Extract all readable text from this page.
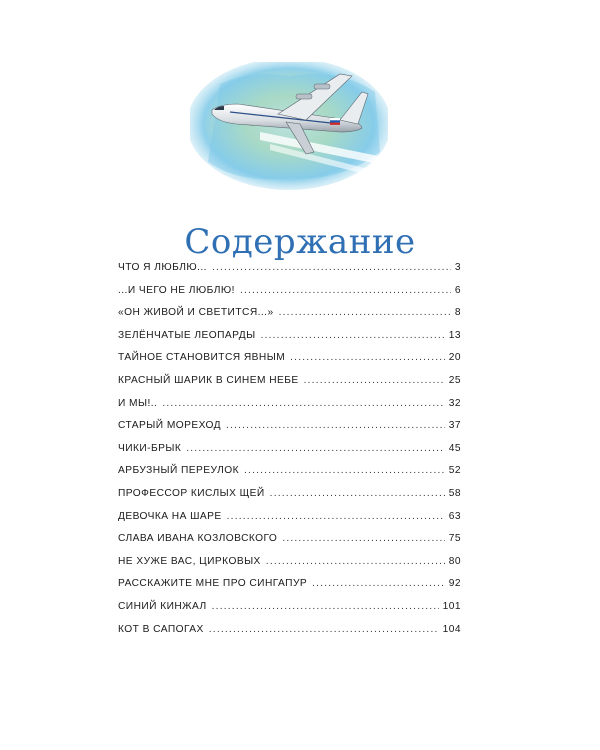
Содержание
ЧТО Я ЛЮБЛЮ... .....	3
...И ЧЕГО НЕ ЛЮБЛЮ! .....	6
«ОН ЖИВОЙ И СВЕТИТСЯ...» .....	8
ЗЕЛЁНЧАТЫЕ ЛЕОПАРДЫ .....	13
ТАЙНОЕ СТАНОВИТСЯ ЯВНЫМ .....	20
КРАСНЫЙ ШАРИК В СИНЕМ НЕБЕ .....	25
И МЫ!.. .....	32
СТАРЫЙ МОРЕХОД .....	37
ЧИКИ-БРЫК .....	45
АРБУЗНЫЙ ПЕРЕУЛОК .....	52
ПРОФЕССОР КИСЛЫХ ЩЕЙ .....	58
ДЕВОЧКА НА ШАРЕ .....	63
СЛАВА ИВАНА КОЗЛОВСКОГО .....	75
НЕ ХУЖЕ ВАС, ЦИРКОВЫХ .....	80
РАССКАЖИТЕ МНЕ ПРО СИНГАПУР .....	92
СИНИЙ КИНЖАЛ .....	101
КОТ В САПОГАХ .....	104
